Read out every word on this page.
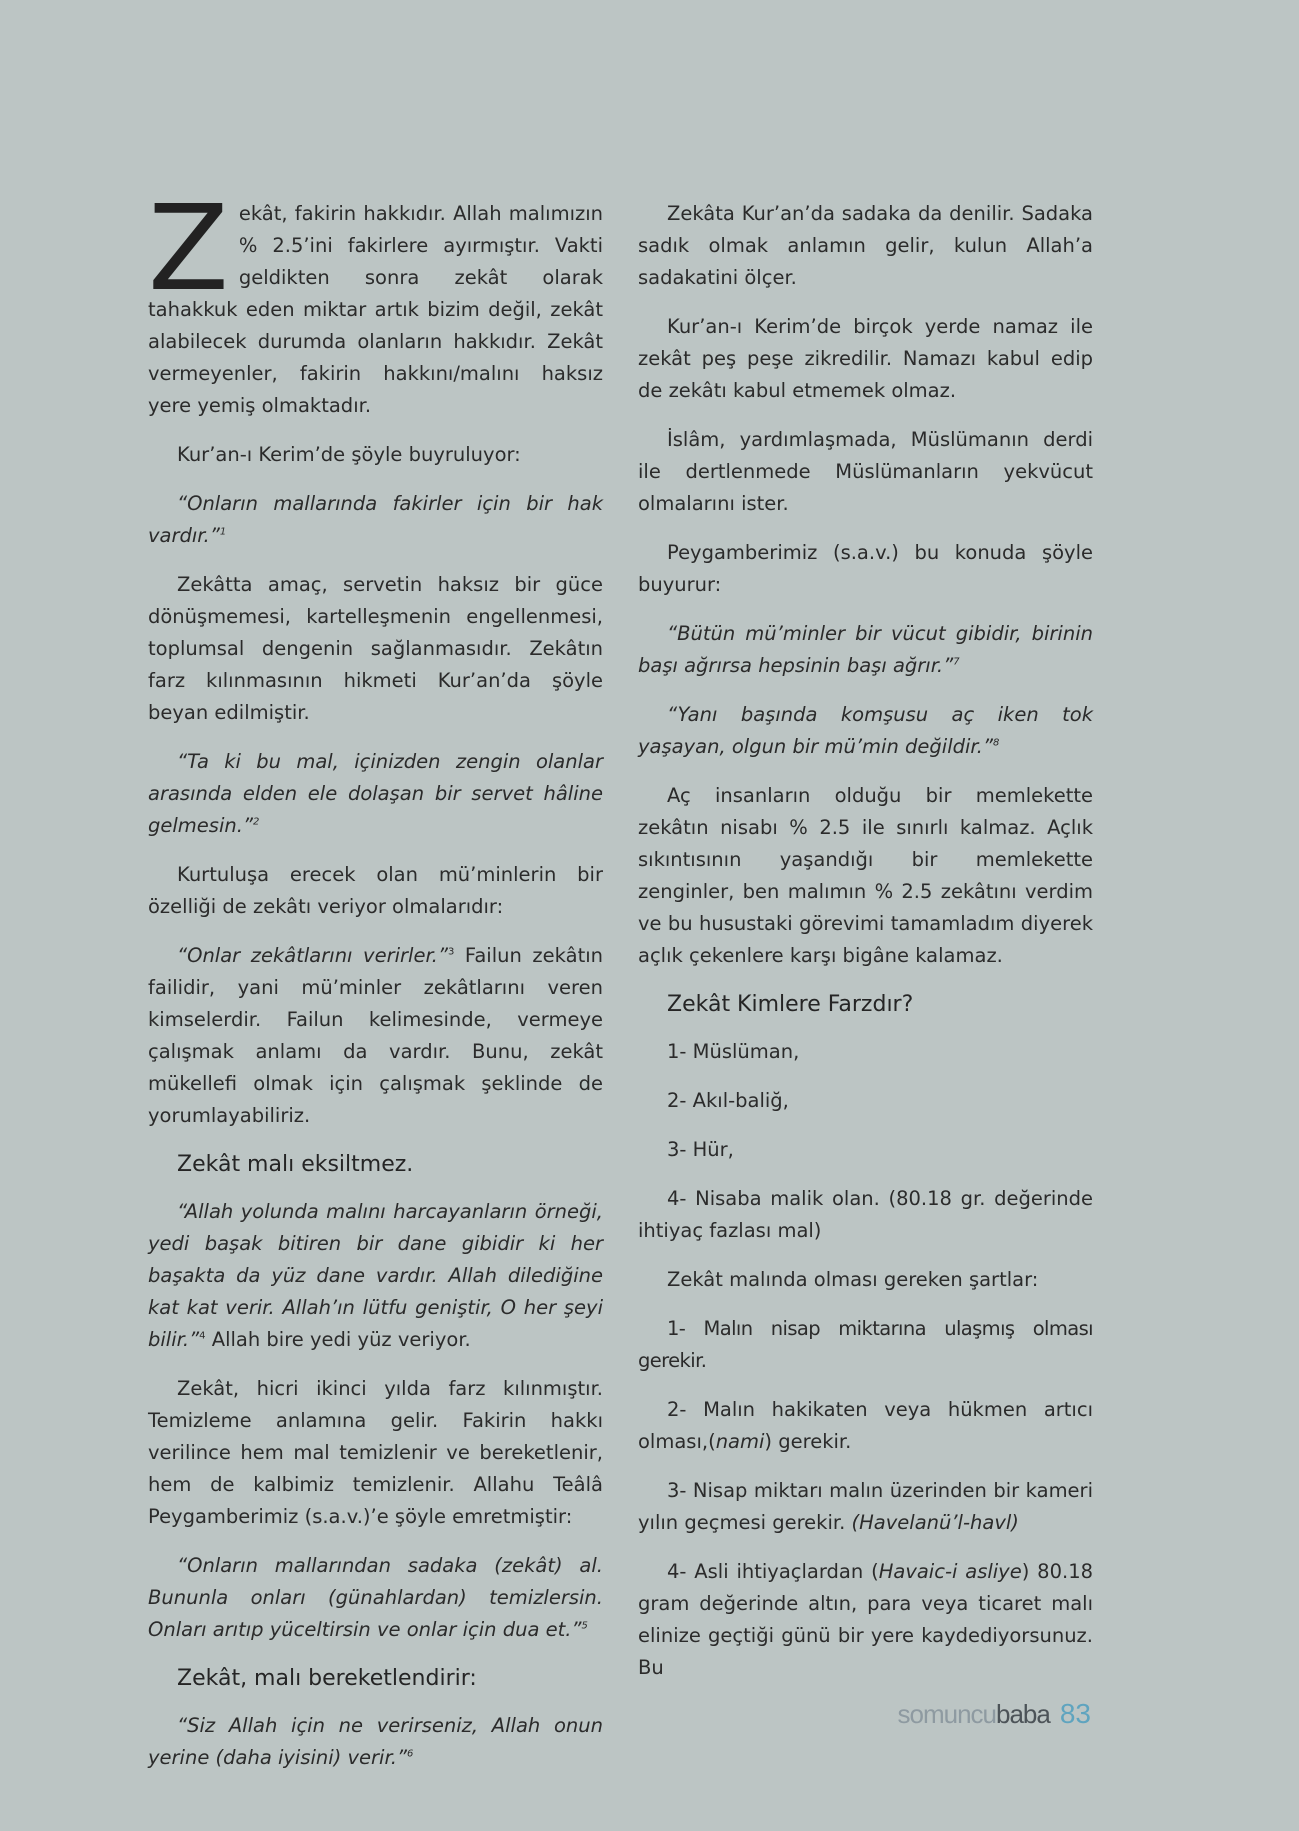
Zekât, fakirin hakkıdır. Allah malımızın % 2.5’ini fakirlere ayırmıştır. Vakti geldikten sonra zekât olarak tahakkuk eden miktar artık bizim değil, zekât alabilecek durumda olanların hakkıdır. Zekât vermeyenler, fakirin hakkını/malını haksız yere yemiş olmaktadır.

Kur’an-ı Kerim’de şöyle buyruluyor:

“Onların mallarında fakirler için bir hak vardır.”$^1$

Zekâtta amaç, servetin haksız bir güce dönüşmemesi, kartelleşmenin engellenmesi, toplumsal dengenin sağlanmasıdır. Zekâtın farz kılınmasının hikmeti Kur’an’da şöyle beyan edilmiştir.

“Ta ki bu mal, içinizden zengin olanlar arasında elden ele dolaşan bir servet hâline gelmesin.”$^2$

Kurtuluşa erecek olan mü’minlerin bir özelliği de zekâtı veriyor olmalarıdır:

“Onlar zekâtlarını verirler.”$^3$ Failun zekâtın failidir, yani mü’minler zekâtlarını veren kimselerdir. Failun kelimesinde, vermeye çalışmak anlamı da vardır. Bunu, zekât mükellefi olmak için çalışmak şeklinde de yorumlayabiliriz.

Zekât malı eksiltmez.

“Allah yolunda malını harcayanların örneği, yedi başak bitiren bir dane gibidir ki her başakta da yüz dane vardır. Allah dilediğine kat kat verir. Allah’ın lütfu geniştir, O her şeyi bilir.”$^4$ Allah bire yedi yüz veriyor.

Zekât, hicri ikinci yılda farz kılınmıştır. Temizleme anlamına gelir. Fakirin hakkı verilince hem mal temizlenir ve bereketlenir, hem de kalbimiz temizlenir. Allahu Teâlâ Peygamberimiz (s.a.v.)’e şöyle emretmiştir:

“Onların mallarından sadaka (zekât) al. Bununla onları (günahlardan) temizlersin. Onları arıtıp yüceltirsin ve onlar için dua et.”$^5$

Zekât, malı bereketlendirir:

“Siz Allah için ne verirseniz, Allah onun yerine (daha iyisini) verir.”$^6$

Zekâta Kur’an’da sadaka da denilir. Sadaka sadık olmak anlamın gelir, kulun Allah’a sadakatini ölçer.

Kur’an-ı Kerim’de birçok yerde namaz ile zekât peş peşe zikredilir. Namazı kabul edip de zekâtı kabul etmemek olmaz.

İslâm, yardımlaşmada, Müslümanın derdi ile dertlenmede Müslümanların yekvücut olmalarını ister.

Peygamberimiz (s.a.v.) bu konuda şöyle buyurur:

“Bütün mü’minler bir vücut gibidir, birinin başı ağrırsa hepsinin başı ağrır.”$^7$

“Yanı başında komşusu aç iken tok yaşayan, olgun bir mü’min değildir.”$^8$

Aç insanların olduğu bir memlekette zekâtın nisabı % 2.5 ile sınırlı kalmaz. Açlık sıkıntısının yaşandığı bir memlekette zenginler, ben malımın % 2.5 zekâtını verdim ve bu husustaki görevimi tamamladım diyerek açlık çekenlere karşı bigâne kalamaz.

Zekât Kimlere Farzdır?

1- Müslüman,

2- Akıl-baliğ,

3- Hür,

4- Nisaba malik olan. (80.18 gr. değerinde ihtiyaç fazlası mal)

Zekât malında olması gereken şartlar:

1- Malın nisap miktarına ulaşmış olması gerekir.

2- Malın hakikaten veya hükmen artıcı olması,(nami) gerekir.

3- Nisap miktarı malın üzerinden bir kameri yılın geçmesi gerekir. (Havelanü’l-havl)

4- Asli ihtiyaçlardan (Havaic-i asliye) 80.18 gram değerinde altın, para veya ticaret malı elinize geçtiği günü bir yere kaydediyorsunuz. Bu

somuncubaba 83
